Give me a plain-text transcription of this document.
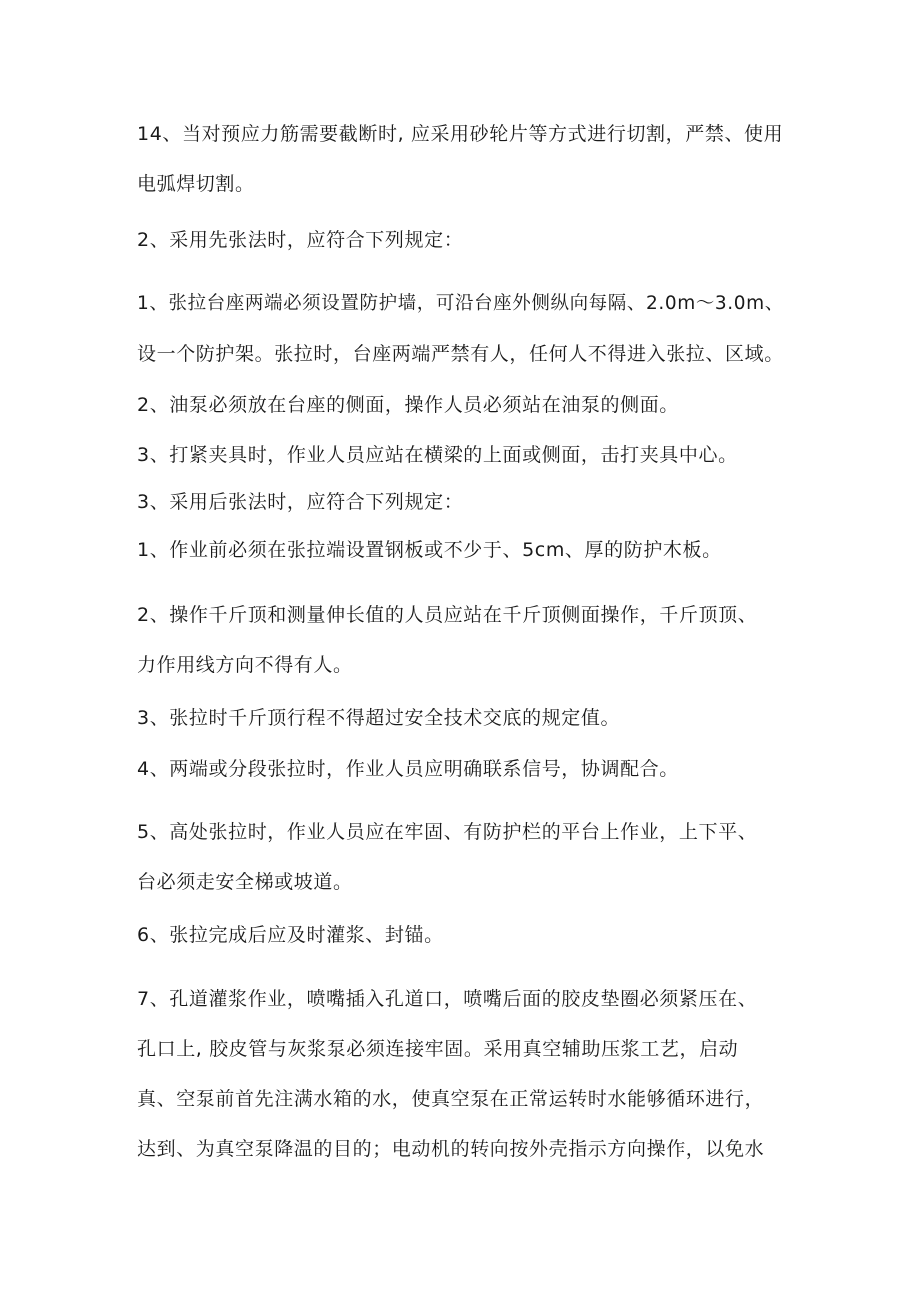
14、当对预应力筋需要截断时, 应采用砂轮片等方式进行切割，严禁、使用
电弧焊切割。
2、采用先张法时，应符合下列规定：
1、张拉台座两端必须设置防护墙，可沿台座外侧纵向每隔、2.0m～3.0m、
设一个防护架。张拉时，台座两端严禁有人，任何人不得进入张拉、区域。
2、油泵必须放在台座的侧面，操作人员必须站在油泵的侧面。
3、打紧夹具时，作业人员应站在横梁的上面或侧面，击打夹具中心。
3、采用后张法时，应符合下列规定：
1、作业前必须在张拉端设置钢板或不少于、5cm、厚的防护木板。
2、操作千斤顶和测量伸长值的人员应站在千斤顶侧面操作，千斤顶顶、
力作用线方向不得有人。
3、张拉时千斤顶行程不得超过安全技术交底的规定值。
4、两端或分段张拉时，作业人员应明确联系信号，协调配合。
5、高处张拉时，作业人员应在牢固、有防护栏的平台上作业，上下平、
台必须走安全梯或坡道。
6、张拉完成后应及时灌浆、封锚。
7、孔道灌浆作业，喷嘴插入孔道口，喷嘴后面的胶皮垫圈必须紧压在、
孔口上, 胶皮管与灰浆泵必须连接牢固。采用真空辅助压浆工艺，启动
真、空泵前首先注满水箱的水，使真空泵在正常运转时水能够循环进行，
达到、为真空泵降温的目的；电动机的转向按外壳指示方向操作，以免水
